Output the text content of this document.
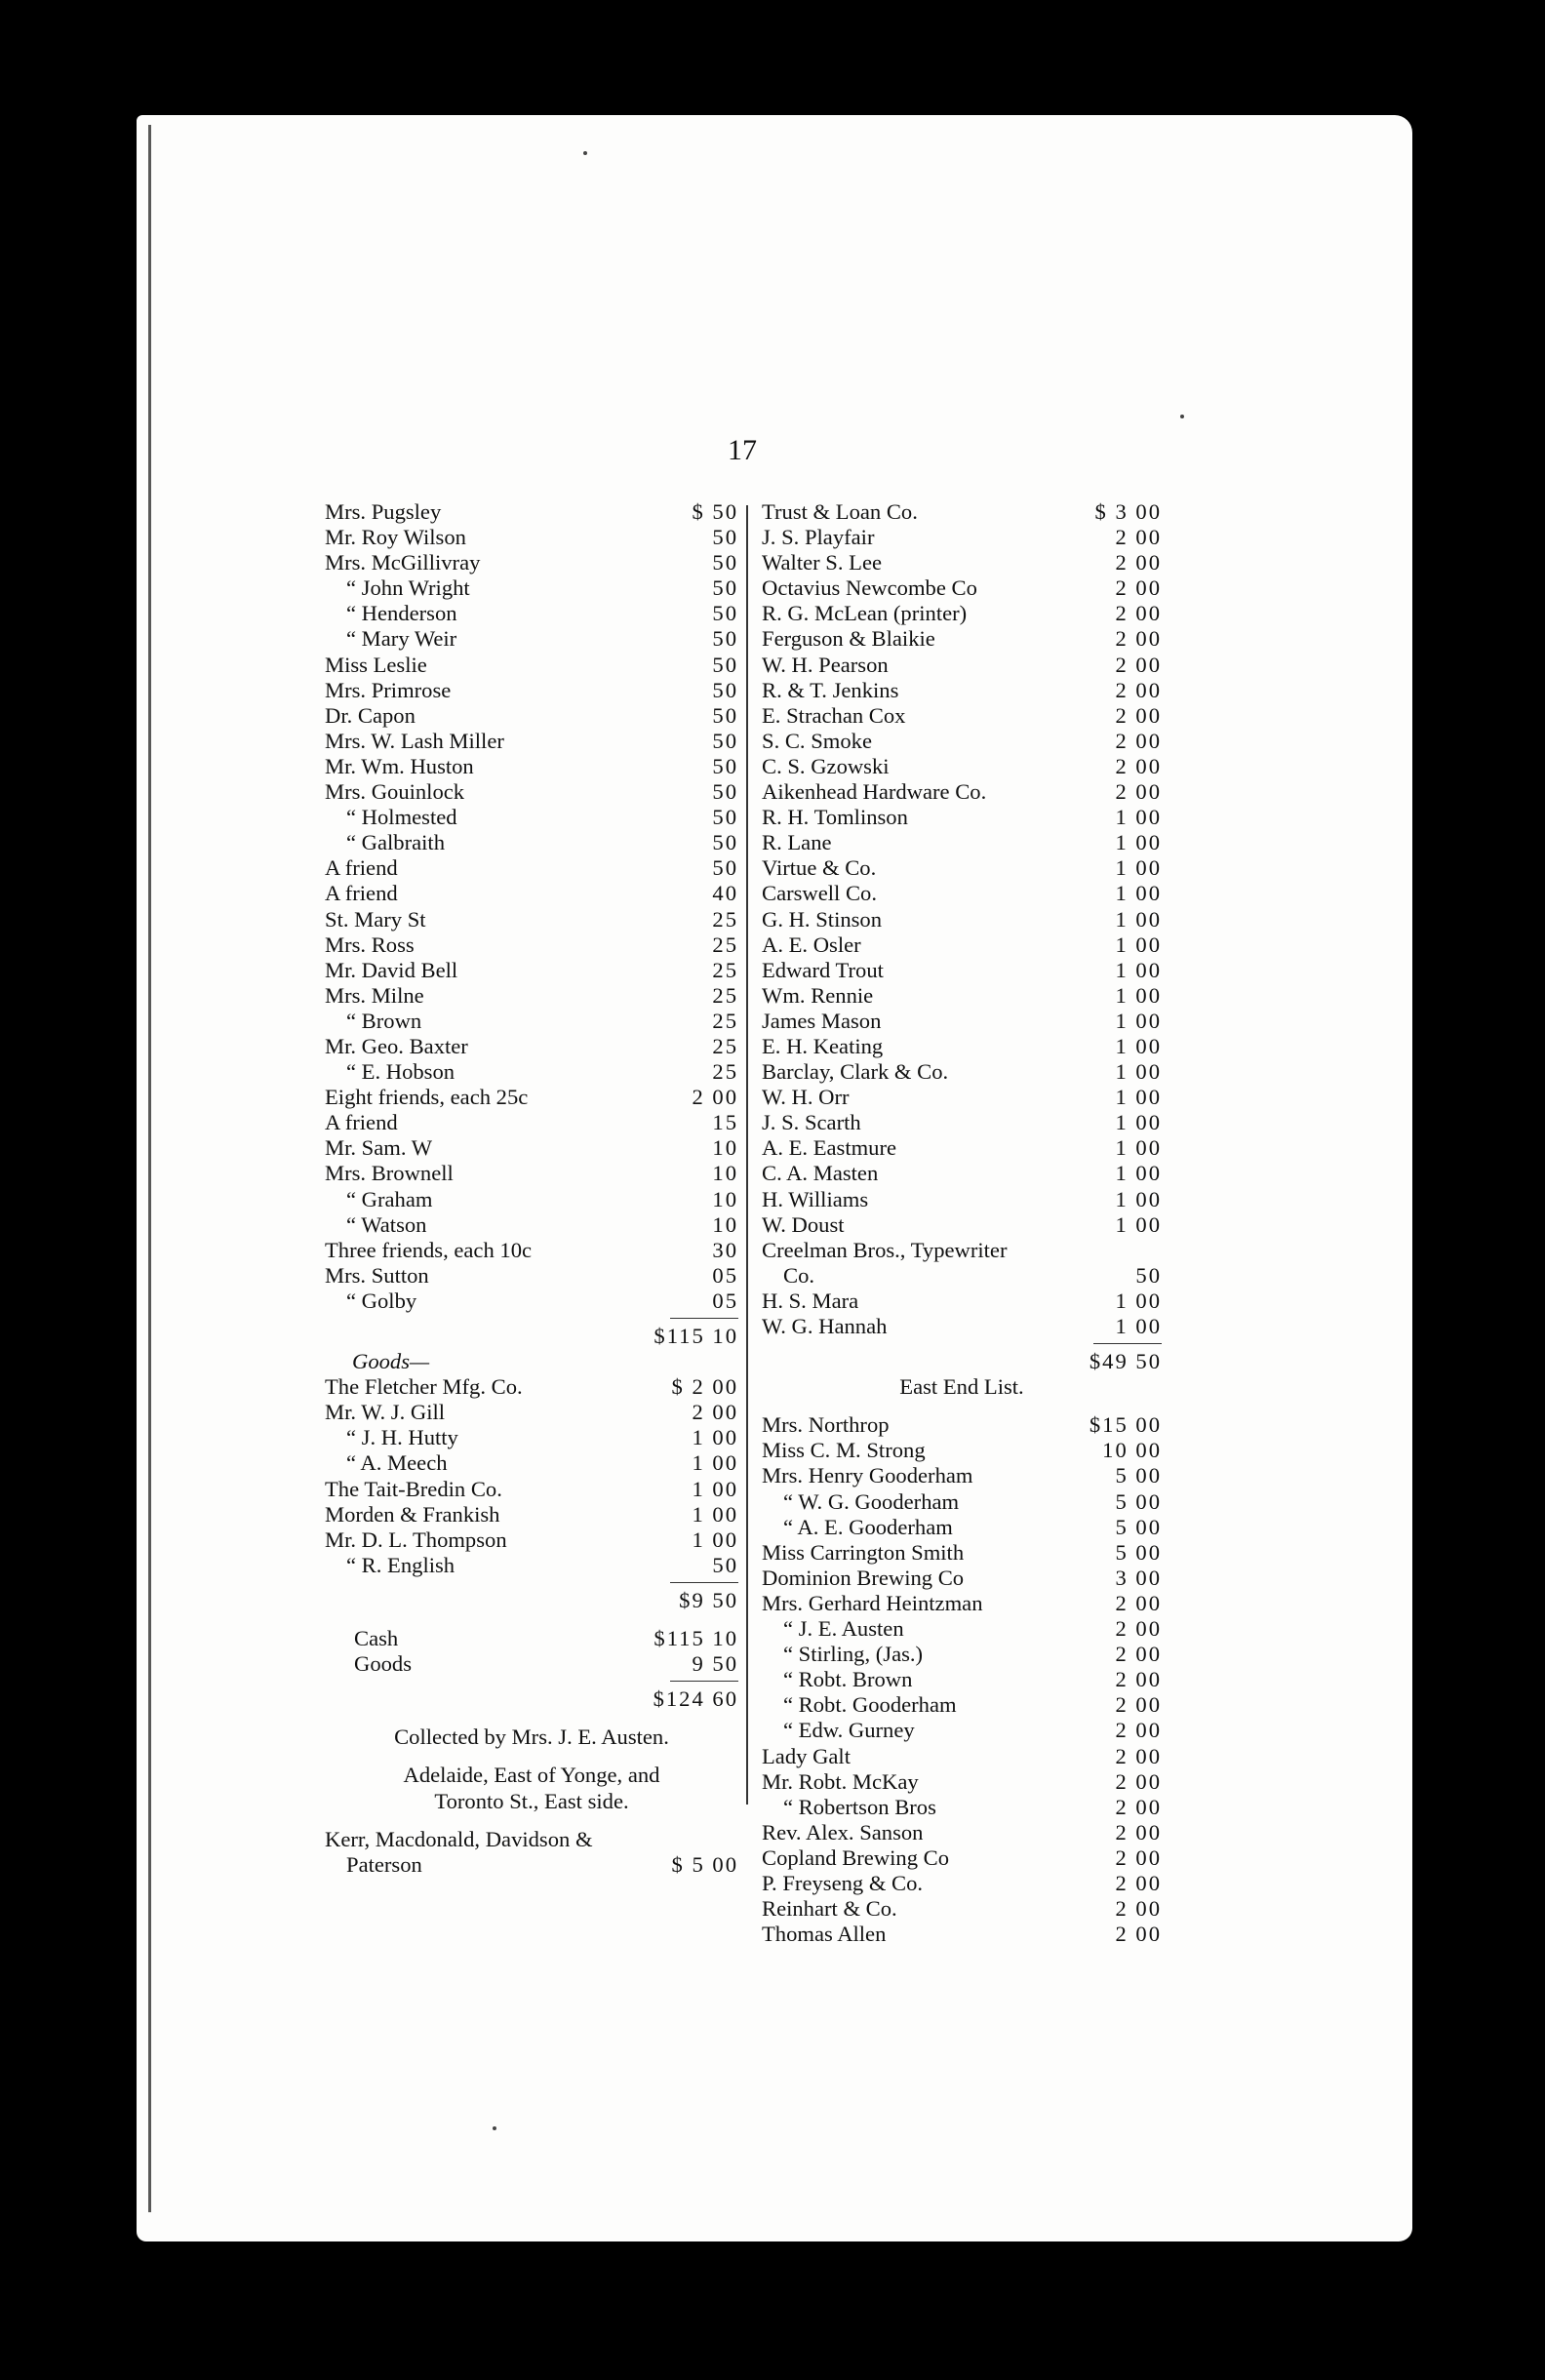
17
Mrs. Pugsley	$ 50
Mr. Roy Wilson	50
Mrs. McGillivray	50
“ John Wright	50
“ Henderson	50
“ Mary Weir	50
Miss Leslie	50
Mrs. Primrose	50
Dr. Capon	50
Mrs. W. Lash Miller	50
Mr. Wm. Huston	50
Mrs. Gouinlock	50
“ Holmested	50
“ Galbraith	50
A friend	50
A friend	40
St. Mary St	25
Mrs. Ross	25
Mr. David Bell	25
Mrs. Milne	25
“ Brown	25
Mr. Geo. Baxter	25
“ E. Hobson	25
Eight friends, each 25c	2 00
A friend	15
Mr. Sam. W	10
Mrs. Brownell	10
“ Graham	10
“ Watson	10
Three friends, each 10c	30
Mrs. Sutton	05
“ Golby	05
$115 10
Goods—
The Fletcher Mfg. Co.	$ 2 00
Mr. W. J. Gill	2 00
“ J. H. Hutty	1 00
“ A. Meech	1 00
The Tait-Bredin Co.	1 00
Morden & Frankish	1 00
Mr. D. L. Thompson	1 00
“ R. English	50
$9 50
Cash	$115 10
Goods	9 50
$124 60
Collected by Mrs. J. E. Austen.
Adelaide, East of Yonge, and
Toronto St., East side.
Kerr, Macdonald, Davidson &
Paterson	$ 5 00
Trust & Loan Co.	$ 3 00
J. S. Playfair	2 00
Walter S. Lee	2 00
Octavius Newcombe Co	2 00
R. G. McLean (printer)	2 00
Ferguson & Blaikie	2 00
W. H. Pearson	2 00
R. & T. Jenkins	2 00
E. Strachan Cox	2 00
S. C. Smoke	2 00
C. S. Gzowski	2 00
Aikenhead Hardware Co.	2 00
R. H. Tomlinson	1 00
R. Lane	1 00
Virtue & Co.	1 00
Carswell Co.	1 00
G. H. Stinson	1 00
A. E. Osler	1 00
Edward Trout	1 00
Wm. Rennie	1 00
James Mason	1 00
E. H. Keating	1 00
Barclay, Clark & Co.	1 00
W. H. Orr	1 00
J. S. Scarth	1 00
A. E. Eastmure	1 00
C. A. Masten	1 00
H. Williams	1 00
W. Doust	1 00
Creelman Bros., Typewriter
Co.	50
H. S. Mara	1 00
W. G. Hannah	1 00
$49 50
East End List.
Mrs. Northrop	$15 00
Miss C. M. Strong	10 00
Mrs. Henry Gooderham	5 00
“ W. G. Gooderham	5 00
“ A. E. Gooderham	5 00
Miss Carrington Smith	5 00
Dominion Brewing Co	3 00
Mrs. Gerhard Heintzman	2 00
“ J. E. Austen	2 00
“ Stirling, (Jas.)	2 00
“ Robt. Brown	2 00
“ Robt. Gooderham	2 00
“ Edw. Gurney	2 00
Lady Galt	2 00
Mr. Robt. McKay	2 00
“ Robertson Bros	2 00
Rev. Alex. Sanson	2 00
Copland Brewing Co	2 00
P. Freyseng & Co.	2 00
Reinhart & Co.	2 00
Thomas Allen	2 00
